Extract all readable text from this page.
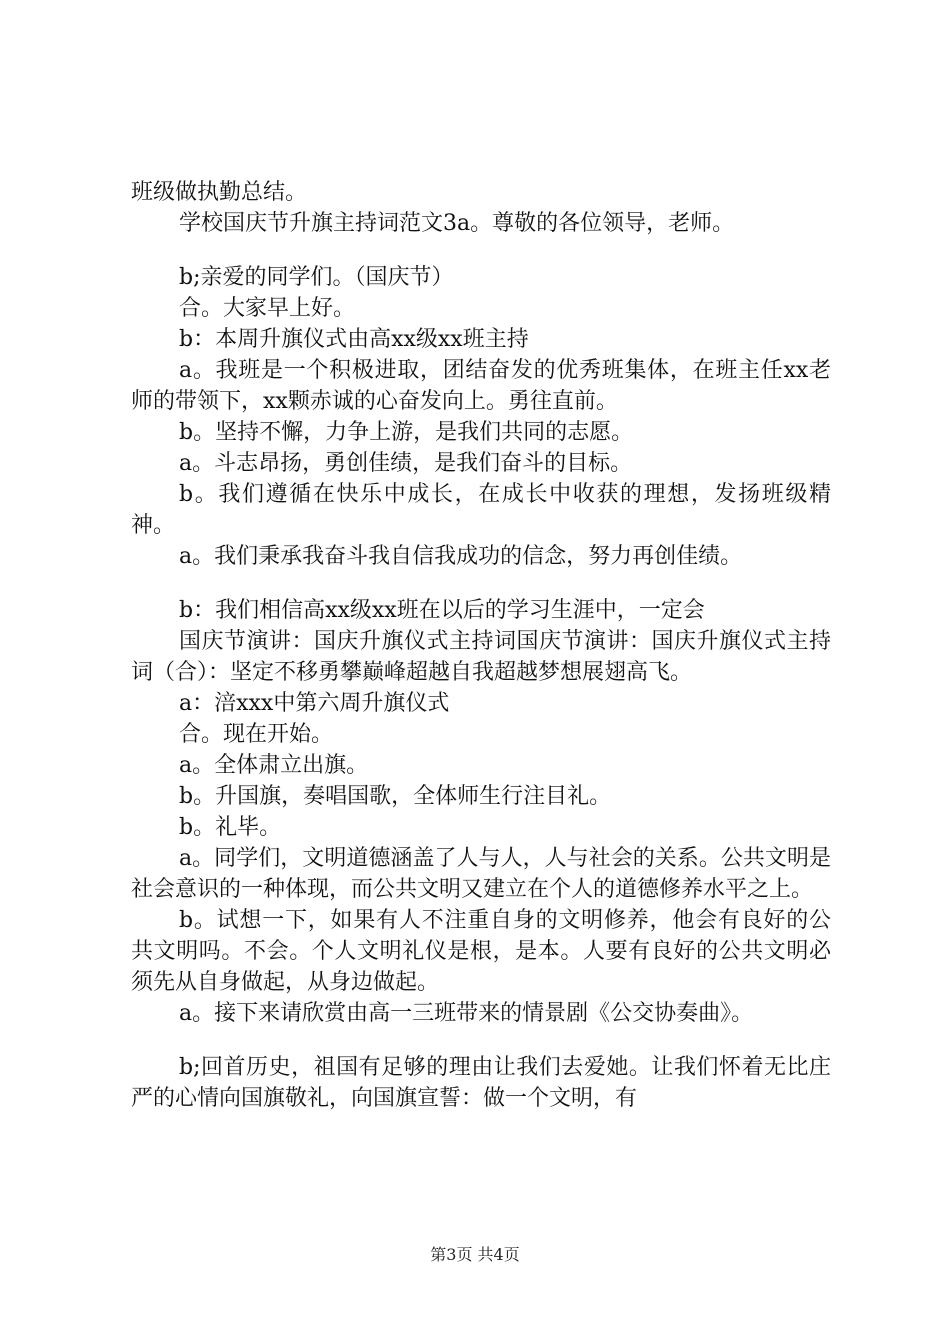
班级做执勤总结。

学校国庆节升旗主持词范文3a。尊敬的各位领导，老师。

b;亲爱的同学们。（国庆节）

合。大家早上好。

b：本周升旗仪式由高xx级xx班主持

a。我班是一个积极进取，团结奋发的优秀班集体，在班主任xx老师的带领下，xx颗赤诚的心奋发向上。勇往直前。

b。坚持不懈，力争上游，是我们共同的志愿。

a。斗志昂扬，勇创佳绩，是我们奋斗的目标。

b。我们遵循在快乐中成长，在成长中收获的理想，发扬班级精神。

a。我们秉承我奋斗我自信我成功的信念，努力再创佳绩。

b：我们相信高xx级xx班在以后的学习生涯中，一定会

国庆节演讲：国庆升旗仪式主持词国庆节演讲：国庆升旗仪式主持词（合）：坚定不移勇攀巅峰超越自我超越梦想展翅高飞。

a：涪xxx中第六周升旗仪式

合。现在开始。

a。全体肃立出旗。

b。升国旗，奏唱国歌，全体师生行注目礼。

b。礼毕。

a。同学们，文明道德涵盖了人与人，人与社会的关系。公共文明是社会意识的一种体现，而公共文明又建立在个人的道德修养水平之上。

b。试想一下，如果有人不注重自身的文明修养，他会有良好的公共文明吗。不会。个人文明礼仪是根，是本。人要有良好的公共文明必须先从自身做起，从身边做起。

a。接下来请欣赏由高一三班带来的情景剧《公交协奏曲》。

b;回首历史，祖国有足够的理由让我们去爱她。让我们怀着无比庄严的心情向国旗敬礼，向国旗宣誓：做一个文明，有

第3页 共4页
